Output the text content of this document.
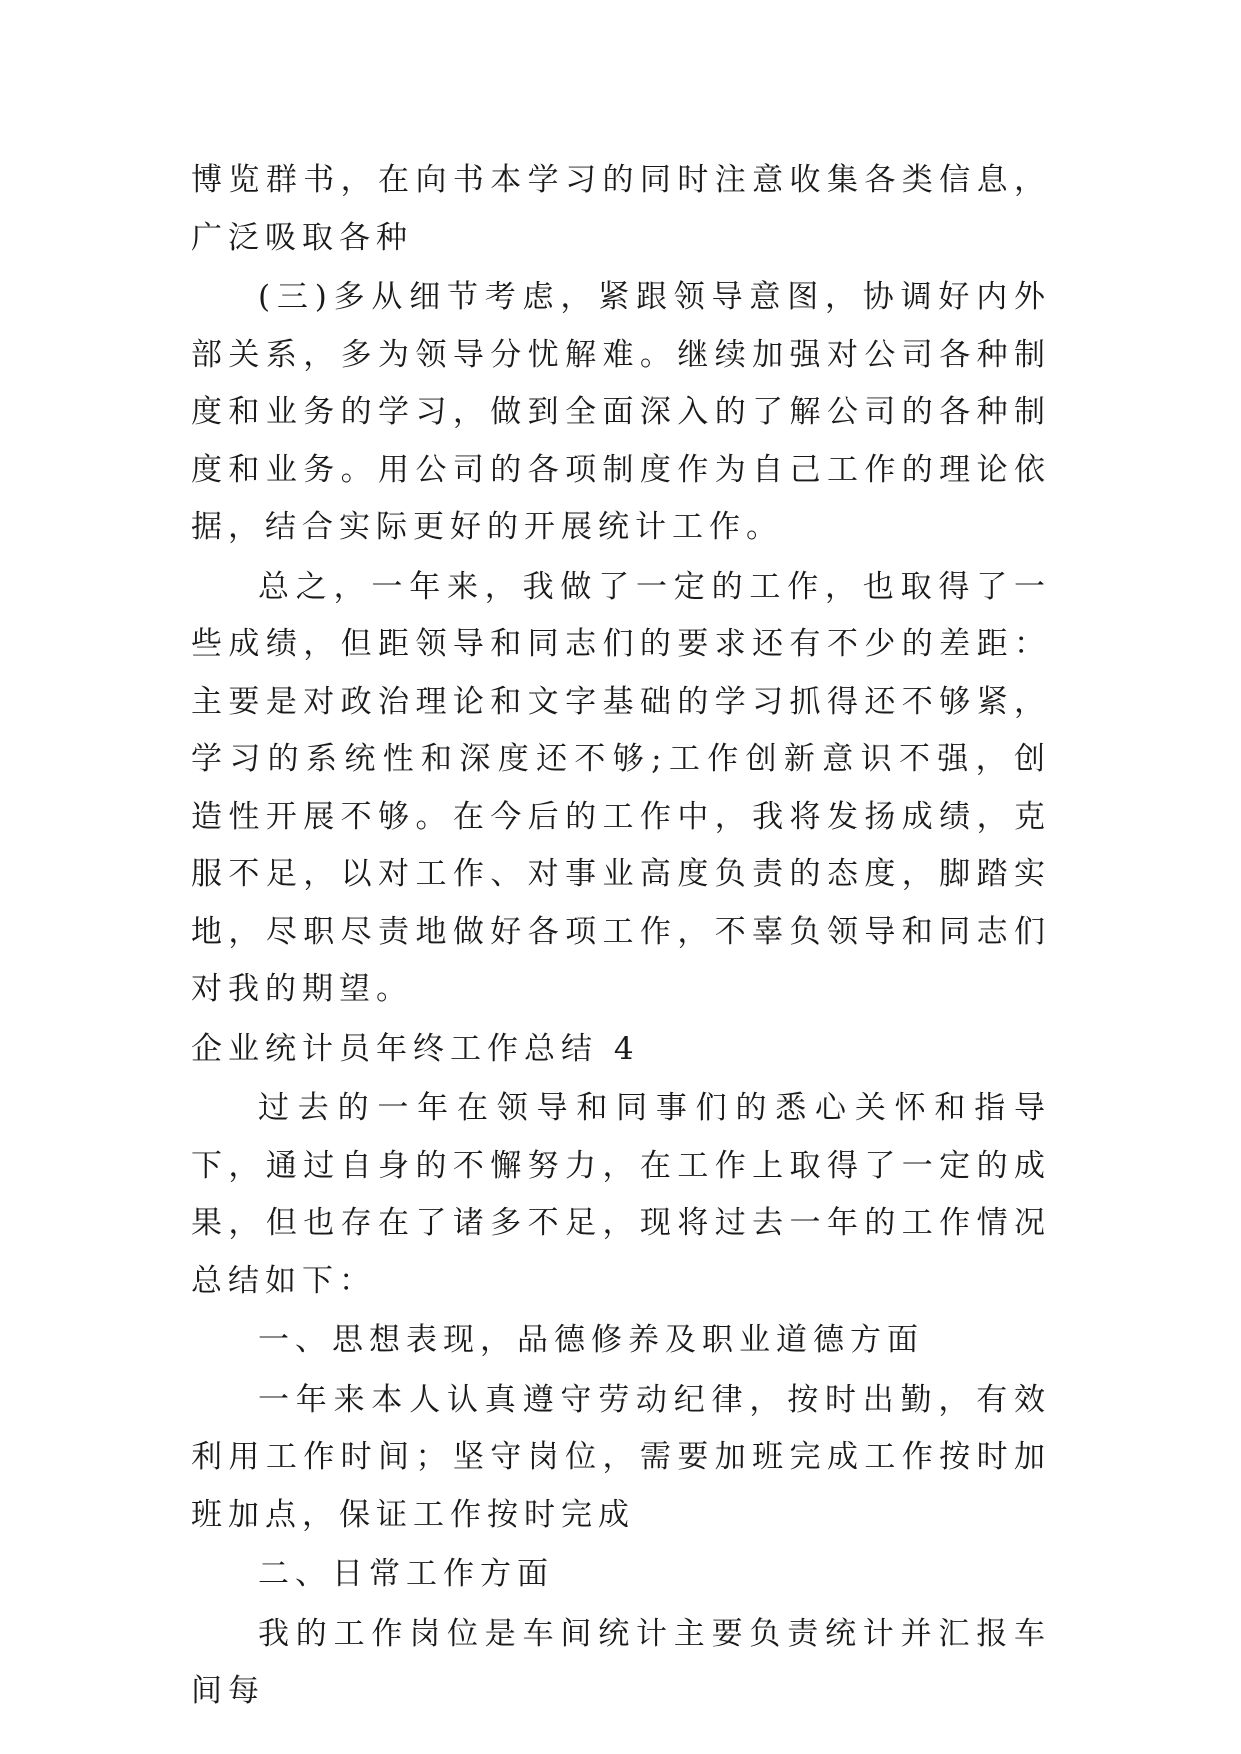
博览群书，在向书本学习的同时注意收集各类信息，广泛吸取各种

(三)多从细节考虑，紧跟领导意图，协调好内外部关系，多为领导分忧解难。继续加强对公司各种制度和业务的学习，做到全面深入的了解公司的各种制度和业务。用公司的各项制度作为自己工作的理论依据，结合实际更好的开展统计工作。

总之，一年来，我做了一定的工作，也取得了一些成绩，但距领导和同志们的要求还有不少的差距：主要是对政治理论和文字基础的学习抓得还不够紧，学习的系统性和深度还不够;工作创新意识不强，创造性开展不够。在今后的工作中，我将发扬成绩，克服不足，以对工作、对事业高度负责的态度，脚踏实地，尽职尽责地做好各项工作，不辜负领导和同志们对我的期望。

企业统计员年终工作总结 4

过去的一年在领导和同事们的悉心关怀和指导下，通过自身的不懈努力，在工作上取得了一定的成果，但也存在了诸多不足，现将过去一年的工作情况总结如下：

一、思想表现，品德修养及职业道德方面

一年来本人认真遵守劳动纪律，按时出勤，有效利用工作时间；坚守岗位，需要加班完成工作按时加班加点，保证工作按时完成

二、日常工作方面

我的工作岗位是车间统计主要负责统计并汇报车间每
